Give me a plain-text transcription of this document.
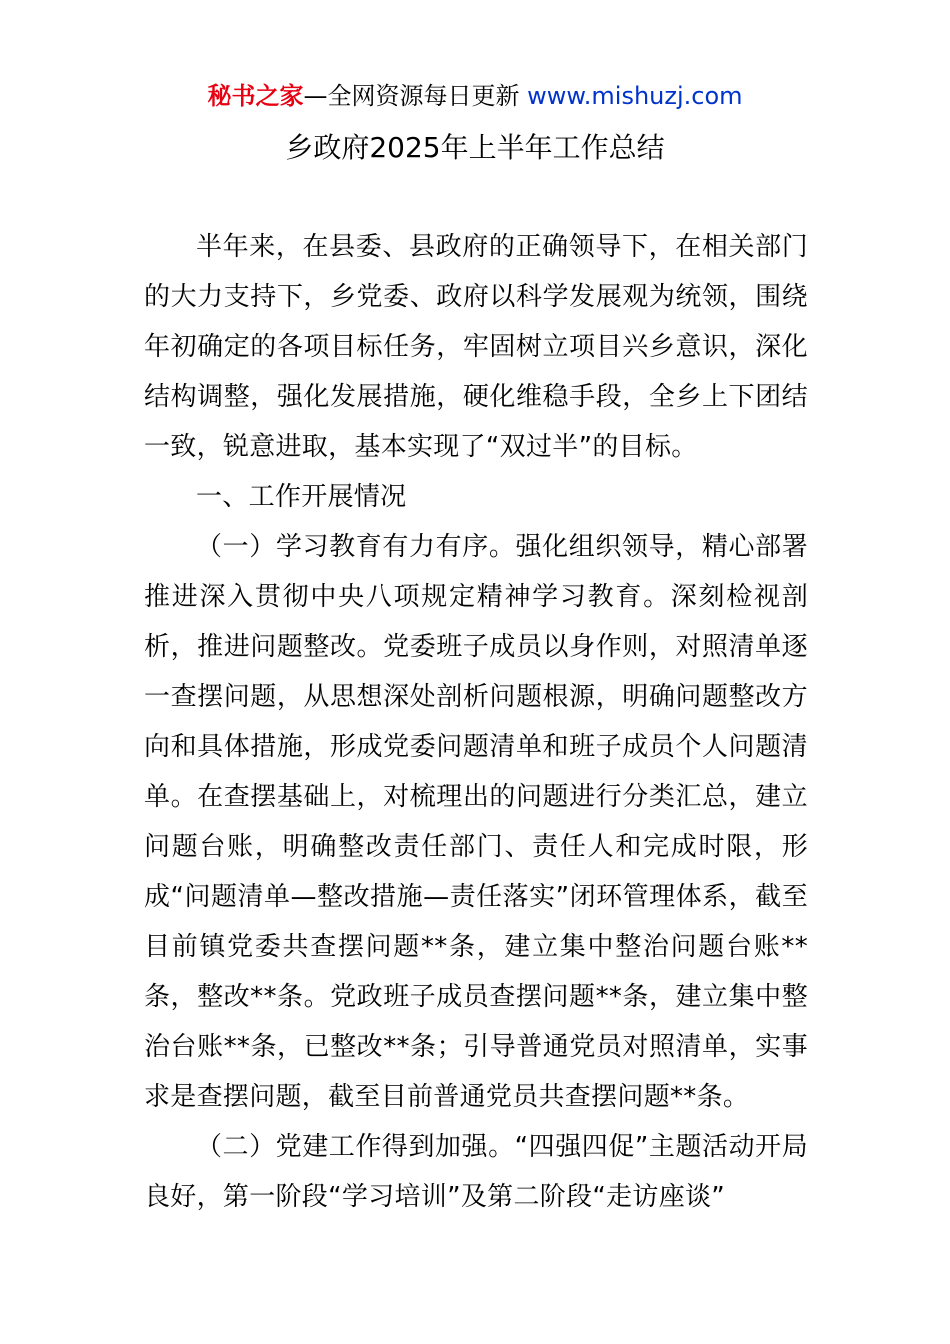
秘书之家—全网资源每日更新 www.mishuzj.com
乡政府2025年上半年工作总结

半年来，在县委、县政府的正确领导下，在相关部门的大力支持下，乡党委、政府以科学发展观为统领，围绕年初确定的各项目标任务，牢固树立项目兴乡意识，深化结构调整，强化发展措施，硬化维稳手段，全乡上下团结一致，锐意进取，基本实现了“双过半”的目标。

一、工作开展情况

（一）学习教育有力有序。强化组织领导，精心部署推进深入贯彻中央八项规定精神学习教育。深刻检视剖析，推进问题整改。党委班子成员以身作则，对照清单逐一查摆问题，从思想深处剖析问题根源，明确问题整改方向和具体措施，形成党委问题清单和班子成员个人问题清单。在查摆基础上，对梳理出的问题进行分类汇总，建立问题台账，明确整改责任部门、责任人和完成时限，形成“问题清单—整改措施—责任落实”闭环管理体系，截至目前镇党委共查摆问题**条，建立集中整治问题台账**条，整改**条。党政班子成员查摆问题**条，建立集中整治台账**条，已整改**条；引导普通党员对照清单，实事求是查摆问题，截至目前普通党员共查摆问题**条。

（二）党建工作得到加强。“四强四促”主题活动开局良好，第一阶段“学习培训”及第二阶段“走访座谈”
